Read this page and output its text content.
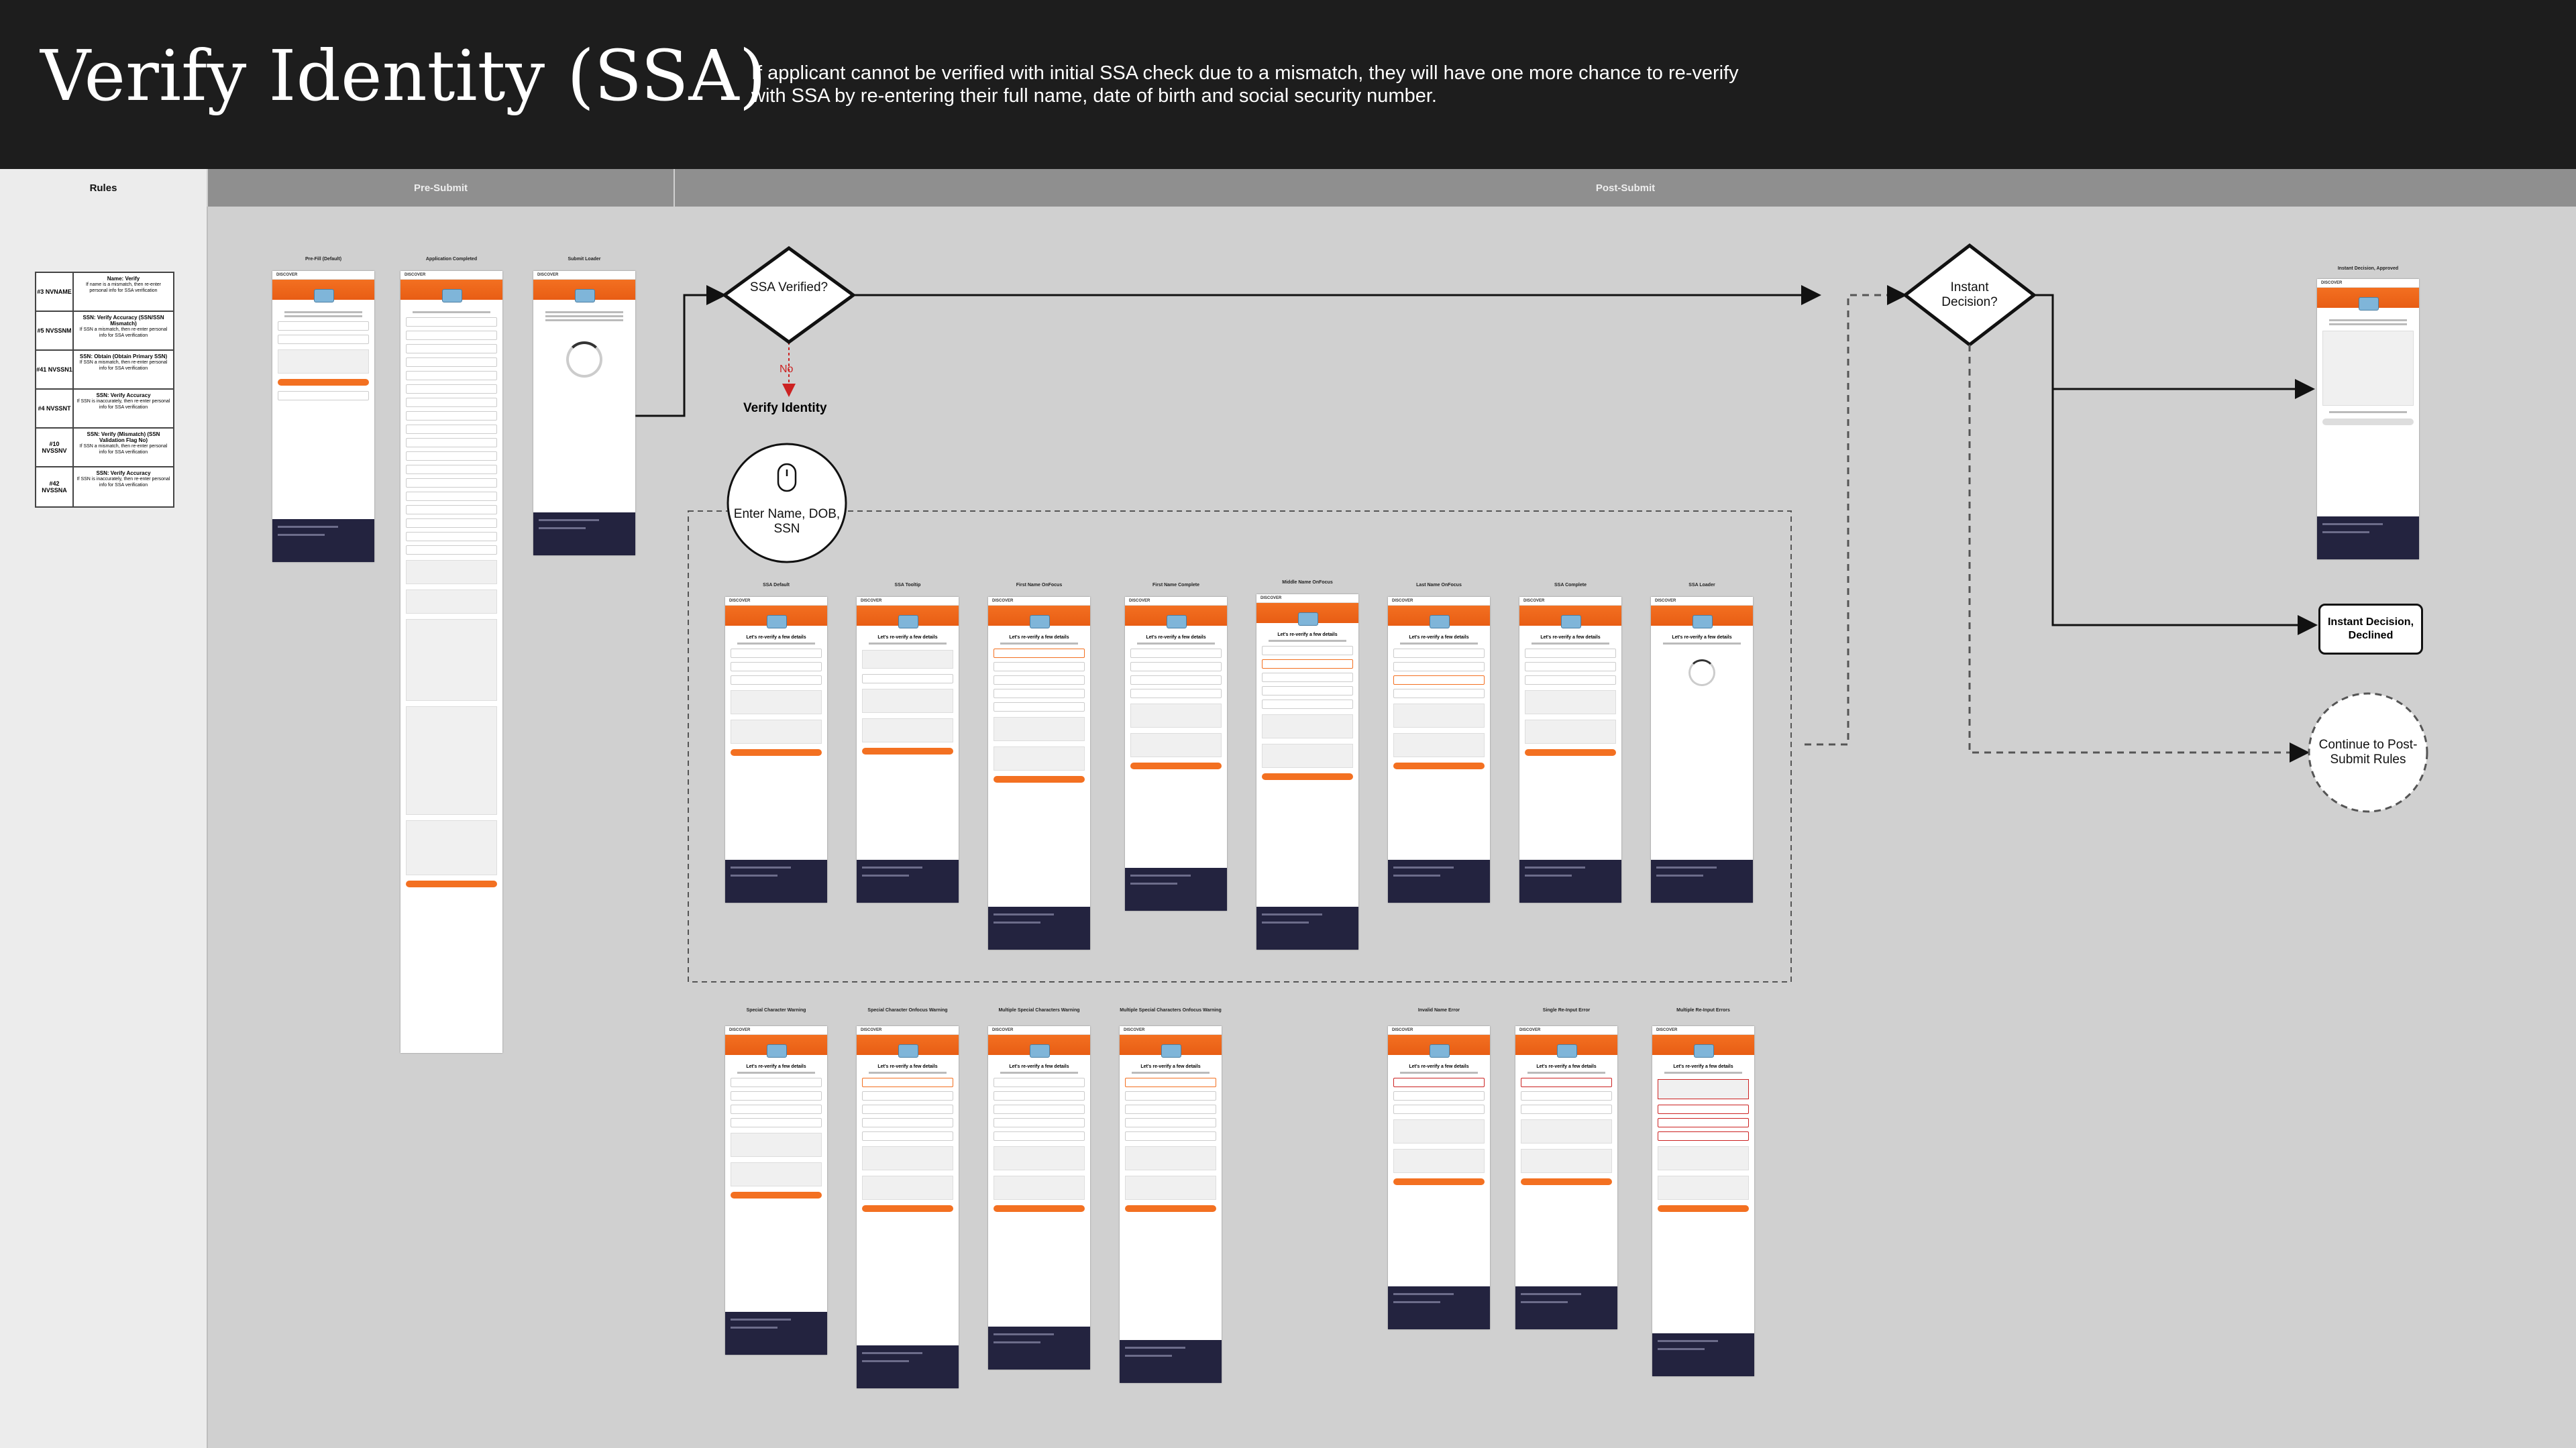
Verify Identity (SSA)
If applicant cannot be verified with initial SSA check due to a mismatch, they will have one more chance to re-verify with SSA by re-entering their full name, date of birth and social security number.
Rules	Pre-Submit	Post-Submit
#3 NVNAME
Name: Verify
If name is a mismatch, then re-enter personal info for SSA verification
#5 NVSSNM
SSN: Verify Accuracy (SSN/SSN Mismatch)
If SSN a mismatch, then re-enter personal info for SSA verification
#41 NVSSN1
SSN: Obtain (Obtain Primary SSN)
If SSN a mismatch, then re-enter personal info for SSA verification
#4 NVSSNT
SSN: Verify Accuracy
If SSN is inaccurately, then re-enter personal info for SSA verification
#10 NVSSNV
SSN: Verify (Mismatch) (SSN Validation Flag No)
If SSN a mismatch, then re-enter personal info for SSA verification
#42 NVSSNA
SSN: Verify Accuracy
If SSN is inaccurately, then re-enter personal info for SSA verification
SSA Verified?
No
Verify Identity
Instant Decision?
Enter Name, DOB, SSN
Instant Decision, Declined
Continue to Post-Submit Rules
Pre-Fill (Default)
DISCOVER
Application Completed
DISCOVER
Submit Loader
DISCOVER
Instant Decision, Approved
DISCOVER
SSA Default
DISCOVER
Let's re-verify a few details
SSA Tooltip
DISCOVER
Let's re-verify a few details
First Name OnFocus
DISCOVER
Let's re-verify a few details
First Name Complete
DISCOVER
Let's re-verify a few details
Middle Name OnFocus
DISCOVER
Let's re-verify a few details
Last Name OnFocus
DISCOVER
Let's re-verify a few details
SSA Complete
DISCOVER
Let's re-verify a few details
SSA Loader
DISCOVER
Let's re-verify a few details
Special Character Warning
DISCOVER
Let's re-verify a few details
Special Character Onfocus Warning
DISCOVER
Let's re-verify a few details
Multiple Special Characters Warning
DISCOVER
Let's re-verify a few details
Multiple Special Characters Onfocus Warning
DISCOVER
Let's re-verify a few details
Invalid Name Error
DISCOVER
Let's re-verify a few details
Single Re-Input Error
DISCOVER
Let's re-verify a few details
Multiple Re-Input Errors
DISCOVER
Let's re-verify a few details
